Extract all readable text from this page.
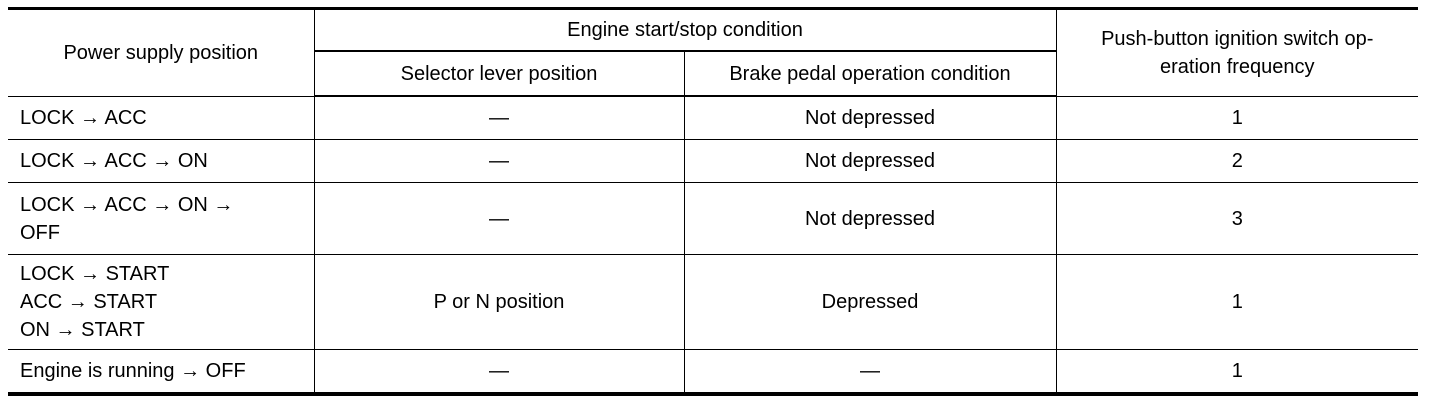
Power supply position	Engine start/stop condition		Push-button ignition switch op-
eration frequency

	Selector lever position	Brake pedal operation condition	

LOCK → ACC	—	Not depressed	1

LOCK → ACC → ON	—	Not depressed	2

LOCK → ACC → ON →
OFF	—	Not depressed	3

LOCK → START
ACC → START
ON → START	P or N position	Depressed	1

Engine is running → OFF	—	—	1
